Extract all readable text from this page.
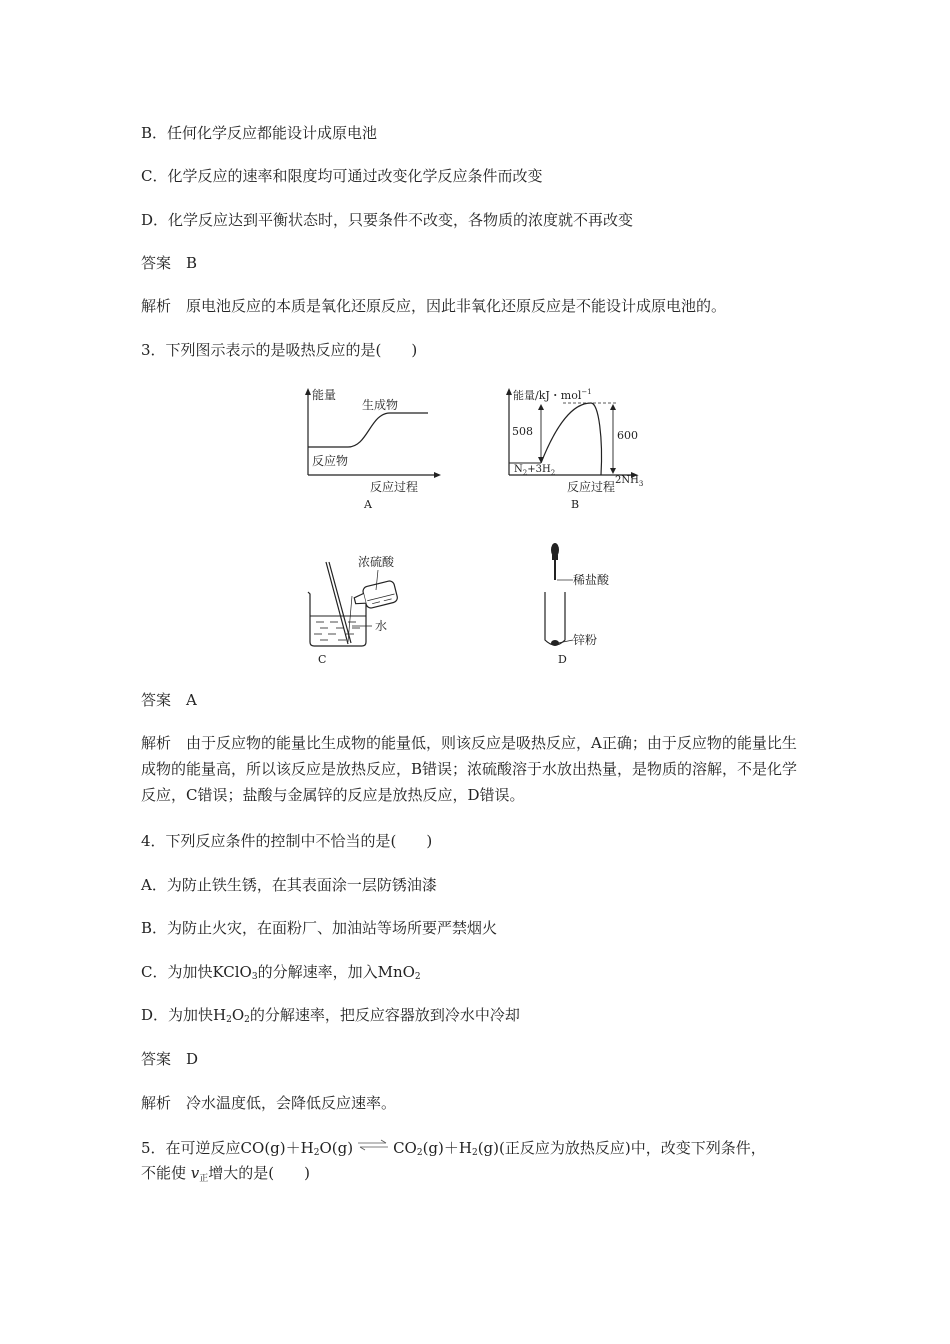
B．任何化学反应都能设计成原电池
C．化学反应的速率和限度均可通过改变化学反应条件而改变
D．化学反应达到平衡状态时，只要条件不改变，各物质的浓度就不再改变
答案　B
解析　原电池反应的本质是氧化还原反应，因此非氧化还原反应是不能设计成原电池的。
3．下列图示表示的是吸热反应的是(　　)
能量
生成物
反应物
反应过程
A
能量/kJ・mol$^{-1}$
508	600
$N_2+3H_2$
$2NH_3$
反应过程
B
浓硫酸
水
C
稀盐酸
锌粉
D
答案　A
解析　由于反应物的能量比生成物的能量低，则该反应是吸热反应，A正确；由于反应物的能量比生成物的能量高，所以该反应是放热反应，B错误；浓硫酸溶于水放出热量，是物质的溶解，不是化学反应，C错误；盐酸与金属锌的反应是放热反应，D错误。
4．下列反应条件的控制中不恰当的是(　　)
A．为防止铁生锈，在其表面涂一层防锈油漆
B．为防止火灾，在面粉厂、加油站等场所要严禁烟火
C．为加快KClO$_3$的分解速率，加入MnO$_2$
D．为加快$H_2O_2$的分解速率，把反应容器放到冷水中冷却
答案　D
解析　冷水温度低，会降低反应速率。
5．在可逆反应$CO(g)+H_2O(g)\rightleftharpoons CO_2(g)+H_2(g)$(正反应为放热反应)中，改变下列条件，
不能使 $v_正$增大的是(　　)
